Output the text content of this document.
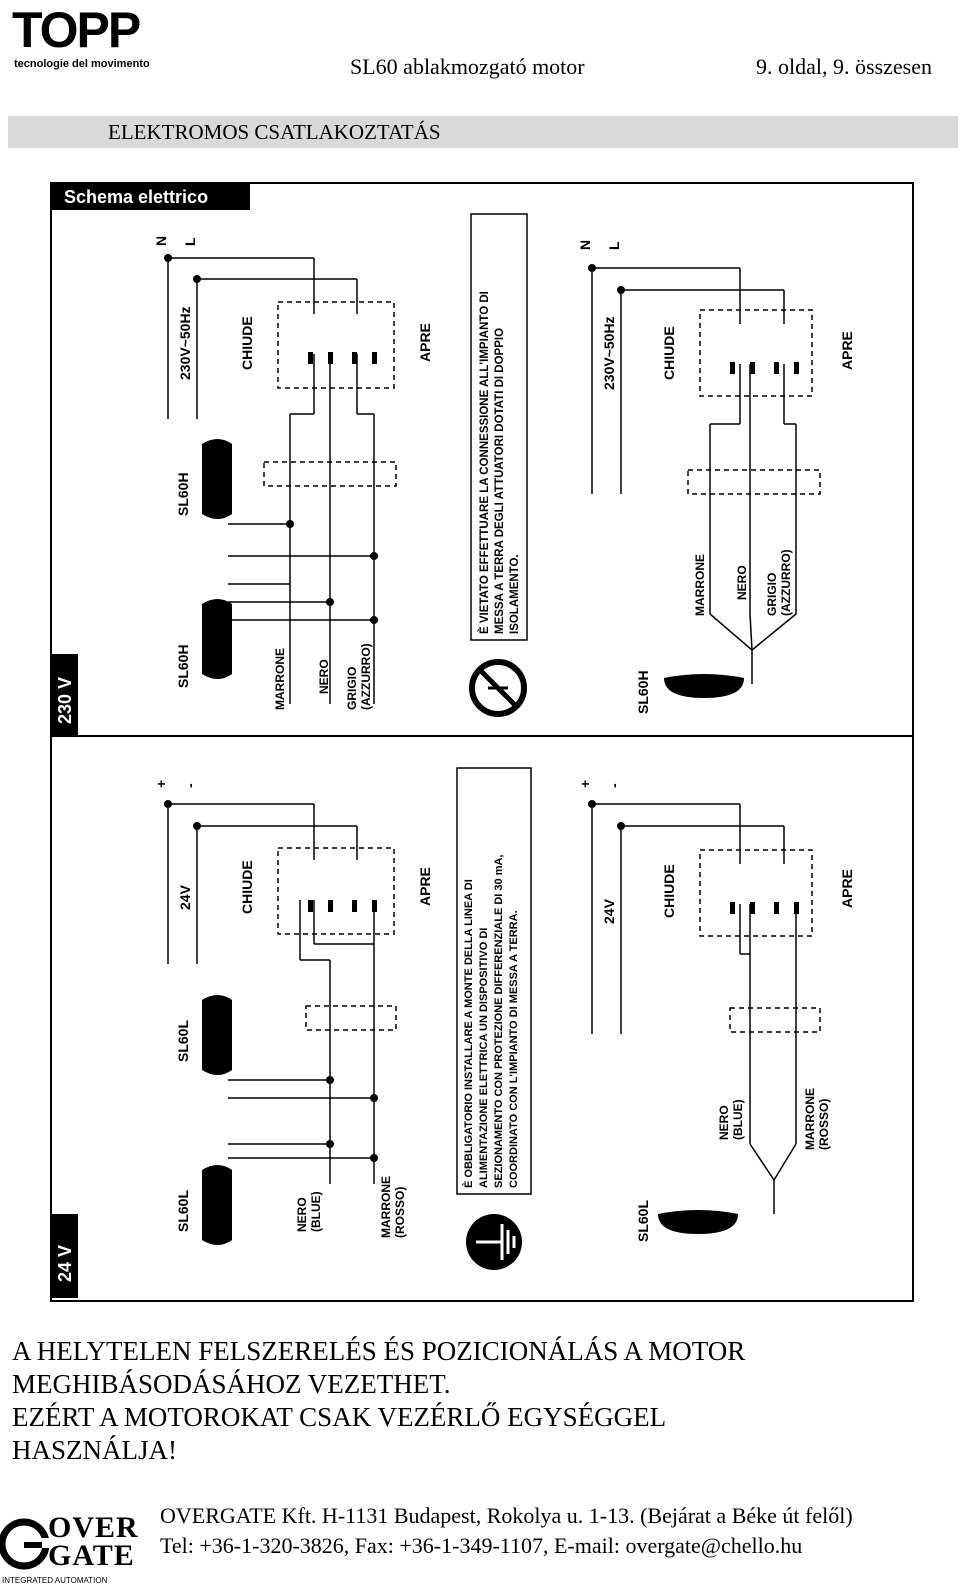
TOPP
tecnologie del movimento	SL60 ablakmozgató motor	9. oldal, 9. összesen
ELEKTROMOS CSATLAKOZTATÁS
Schema elettrico
230 V
24 V
N L
230V~50Hz	CHIUDE	APRE
SL60H
SL60H	MARRONE	NERO GRIGIO (AZZURRO)
È VIETATO EFFETTUARE LA CONNESSIONE ALL'IMPIANTO DI MESSA A TERRA DEGLI ATTUATORI DOTATI DI DOPPIO ISOLAMENTO.
N L
230V~50Hz	CHIUDE	APRE
SL60H
MARRONE NERO GRIGIO (AZZURRO)
+ -
24V	CHIUDE	APRE
SL60L
SL60L	NERO (BLUE)	MARRONE (ROSSO)
È OBBLIGATORIO INSTALLARE A MONTE DELLA LINEA DI ALIMENTAZIONE ELETTRICA UN DISPOSITIVO DI SEZIONAMENTO CON PROTEZIONE DIFFERENZIALE DI 30 mA, COORDINATO CON L'IMPIANTO DI MESSA A TERRA.
+ -
24V	CHIUDE	APRE
SL60L
NERO (BLUE)	MARRONE (ROSSO)
A HELYTELEN FELSZERELÉS ÉS POZICIONÁLÁS A MOTOR
MEGHIBÁSODÁSÁHOZ VEZETHET.
EZÉRT A MOTOROKAT CSAK VEZÉRLŐ EGYSÉGGEL
HASZNÁLJA!
OVER
GATE
INTEGRATED AUTOMATION
OVERGATE Kft. H-1131 Budapest, Rokolya u. 1-13. (Bejárat a Béke út felől)
Tel: +36-1-320-3826, Fax: +36-1-349-1107, E-mail: overgate@chello.hu
